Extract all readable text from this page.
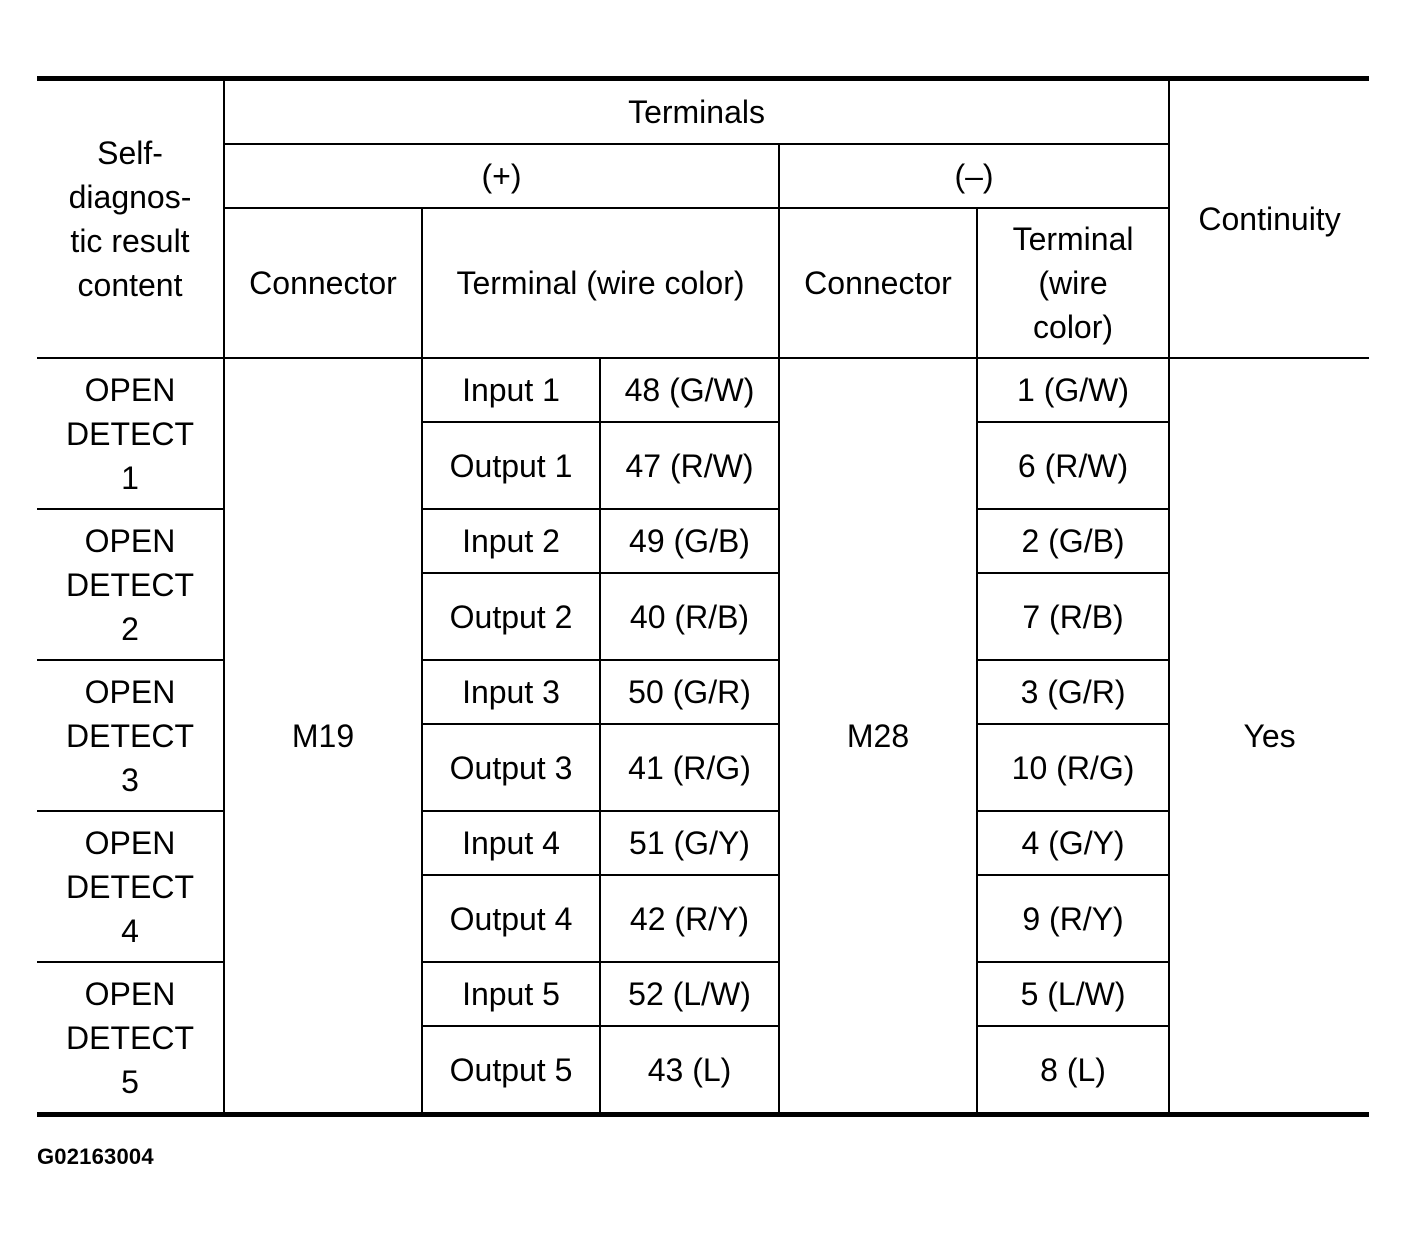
Self-
diagnos-
tic result
content	Terminals					Continuity
	(+)			(–)		
	Connector	Terminal (wire color)		Connector	Terminal
(wire
color)	
OPEN
DETECT
1	M19	Input 1	48 (G/W)	M28	1 (G/W)	Yes
		Output 1	47 (R/W)		6 (R/W)	
OPEN
DETECT
2		Input 2	49 (G/B)		2 (G/B)	
		Output 2	40 (R/B)		7 (R/B)	
OPEN
DETECT
3		Input 3	50 (G/R)		3 (G/R)	
		Output 3	41 (R/G)		10 (R/G)	
OPEN
DETECT
4		Input 4	51 (G/Y)		4 (G/Y)	
		Output 4	42 (R/Y)		9 (R/Y)	
OPEN
DETECT
5		Input 5	52 (L/W)		5 (L/W)	
		Output 5	43 (L)		8 (L)	
G02163004
